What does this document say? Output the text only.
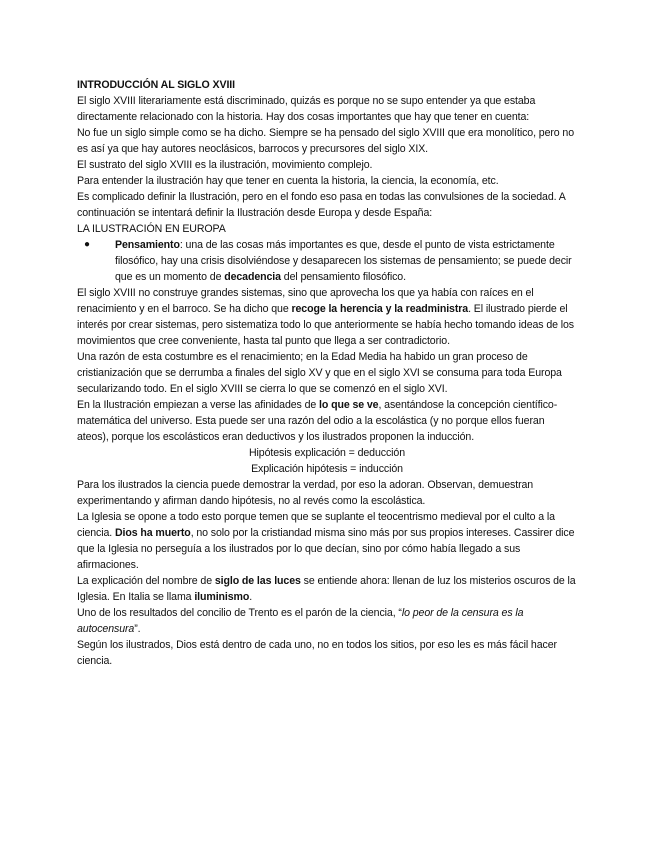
INTRODUCCIÓN AL SIGLO XVIII

El siglo XVIII literariamente está discriminado, quizás es porque no se supo entender ya que estaba directamente relacionado con la historia. Hay dos cosas importantes que hay que tener en cuenta:

No fue un siglo simple como se ha dicho. Siempre se ha pensado del siglo XVIII que era monolítico, pero no es así ya que hay autores neoclásicos, barrocos y precursores del siglo XIX.

El sustrato del siglo XVIII es la ilustración, movimiento complejo.

Para entender la ilustración hay que tener en cuenta la historia, la ciencia, la economía, etc.

Es complicado definir la Ilustración, pero en el fondo eso pasa en todas las convulsiones de la sociedad. A continuación se intentará definir la Ilustración desde Europa y desde España:

LA ILUSTRACIÓN EN EUROPA

● Pensamiento: una de las cosas más importantes es que, desde el punto de vista estrictamente filosófico, hay una crisis disolviéndose y desaparecen los sistemas de pensamiento; se puede decir que es un momento de decadencia del pensamiento filosófico.

El siglo XVIII no construye grandes sistemas, sino que aprovecha los que ya había con raíces en el renacimiento y en el barroco. Se ha dicho que recoge la herencia y la readministra. El ilustrado pierde el interés por crear sistemas, pero sistematiza todo lo que anteriormente se había hecho tomando ideas de los movimientos que cree conveniente, hasta tal punto que llega a ser contradictorio.

Una razón de esta costumbre es el renacimiento; en la Edad Media ha habido un gran proceso de cristianización que se derrumba a finales del siglo XV y que en el siglo XVI se consuma para toda Europa secularizando todo. En el siglo XVIII se cierra lo que se comenzó en el siglo XVI.

En la Ilustración empiezan a verse las afinidades de lo que se ve, asentándose la concepción científico- matemática del universo. Esta puede ser una razón del odio a la escolástica (y no porque ellos fueran ateos), porque los escolásticos eran deductivos y los ilustrados proponen la inducción.

Hipótesis explicación = deducción

Explicación hipótesis = inducción

Para los ilustrados la ciencia puede demostrar la verdad, por eso la adoran. Observan, demuestran experimentando y afirman dando hipótesis, no al revés como la escolástica.

La Iglesia se opone a todo esto porque temen que se suplante el teocentrismo medieval por el culto a la ciencia. Dios ha muerto, no solo por la cristiandad misma sino más por sus propios intereses. Cassirer dice que la Iglesia no perseguía a los ilustrados por lo que decían, sino por cómo había llegado a sus afirmaciones.

La explicación del nombre de siglo de las luces se entiende ahora: llenan de luz los misterios oscuros de la Iglesia. En Italia se llama iluminismo.

Uno de los resultados del concilio de Trento es el parón de la ciencia, “lo peor de la censura es la autocensura”.

Según los ilustrados, Dios está dentro de cada uno, no en todos los sitios, por eso les es más fácil hacer ciencia.
